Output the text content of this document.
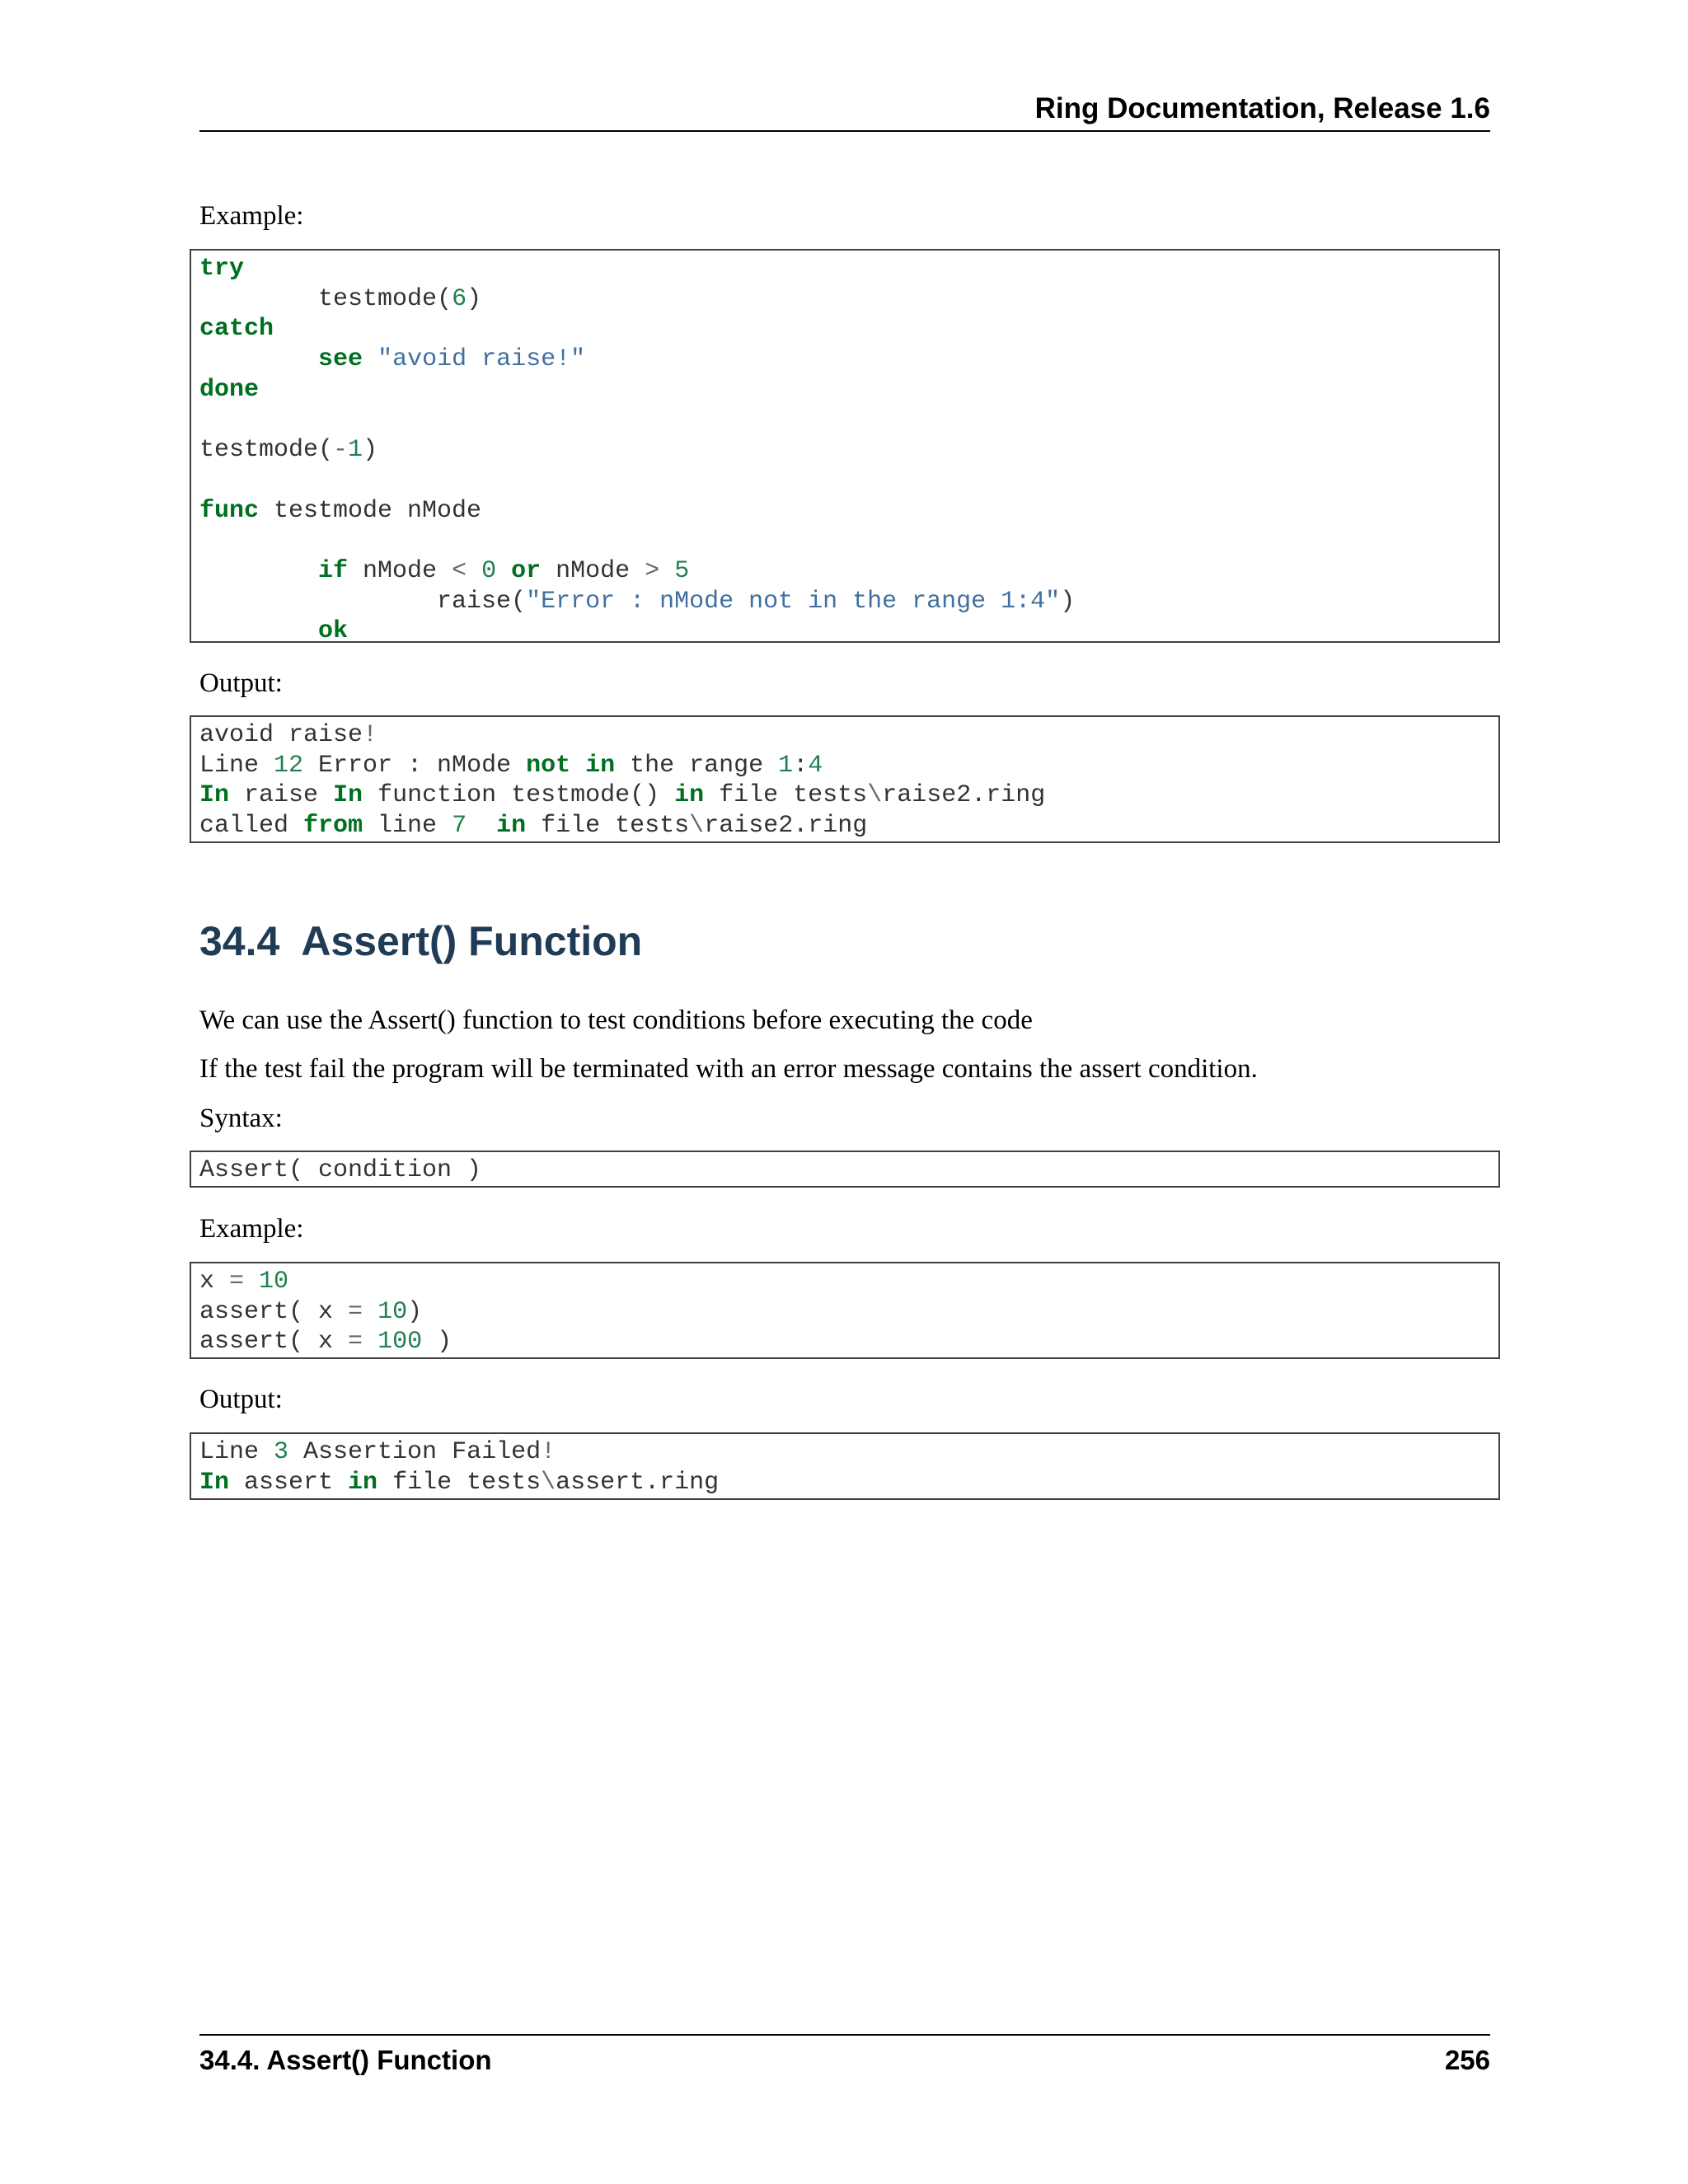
Ring Documentation, Release 1.6
Example:
try
testmode(6)
catch
see "avoid raise!"
done

testmode(-1)

func testmode nMode

if nMode < 0 or nMode > 5
raise("Error : nMode not in the range 1:4")
ok
Output:
avoid raise!
Line 12 Error : nMode not in the range 1:4
In raise In function testmode() in file tests\raise2.ring
called from line 7 in file tests\raise2.ring
34.4 Assert() Function
We can use the Assert() function to test conditions before executing the code
If the test fail the program will be terminated with an error message contains the assert condition.
Syntax:
Assert( condition )
Example:
x = 10
assert( x = 10)
assert( x = 100 )
Output:
Line 3 Assertion Failed!
In assert in file tests\assert.ring
34.4. Assert() Function	256
